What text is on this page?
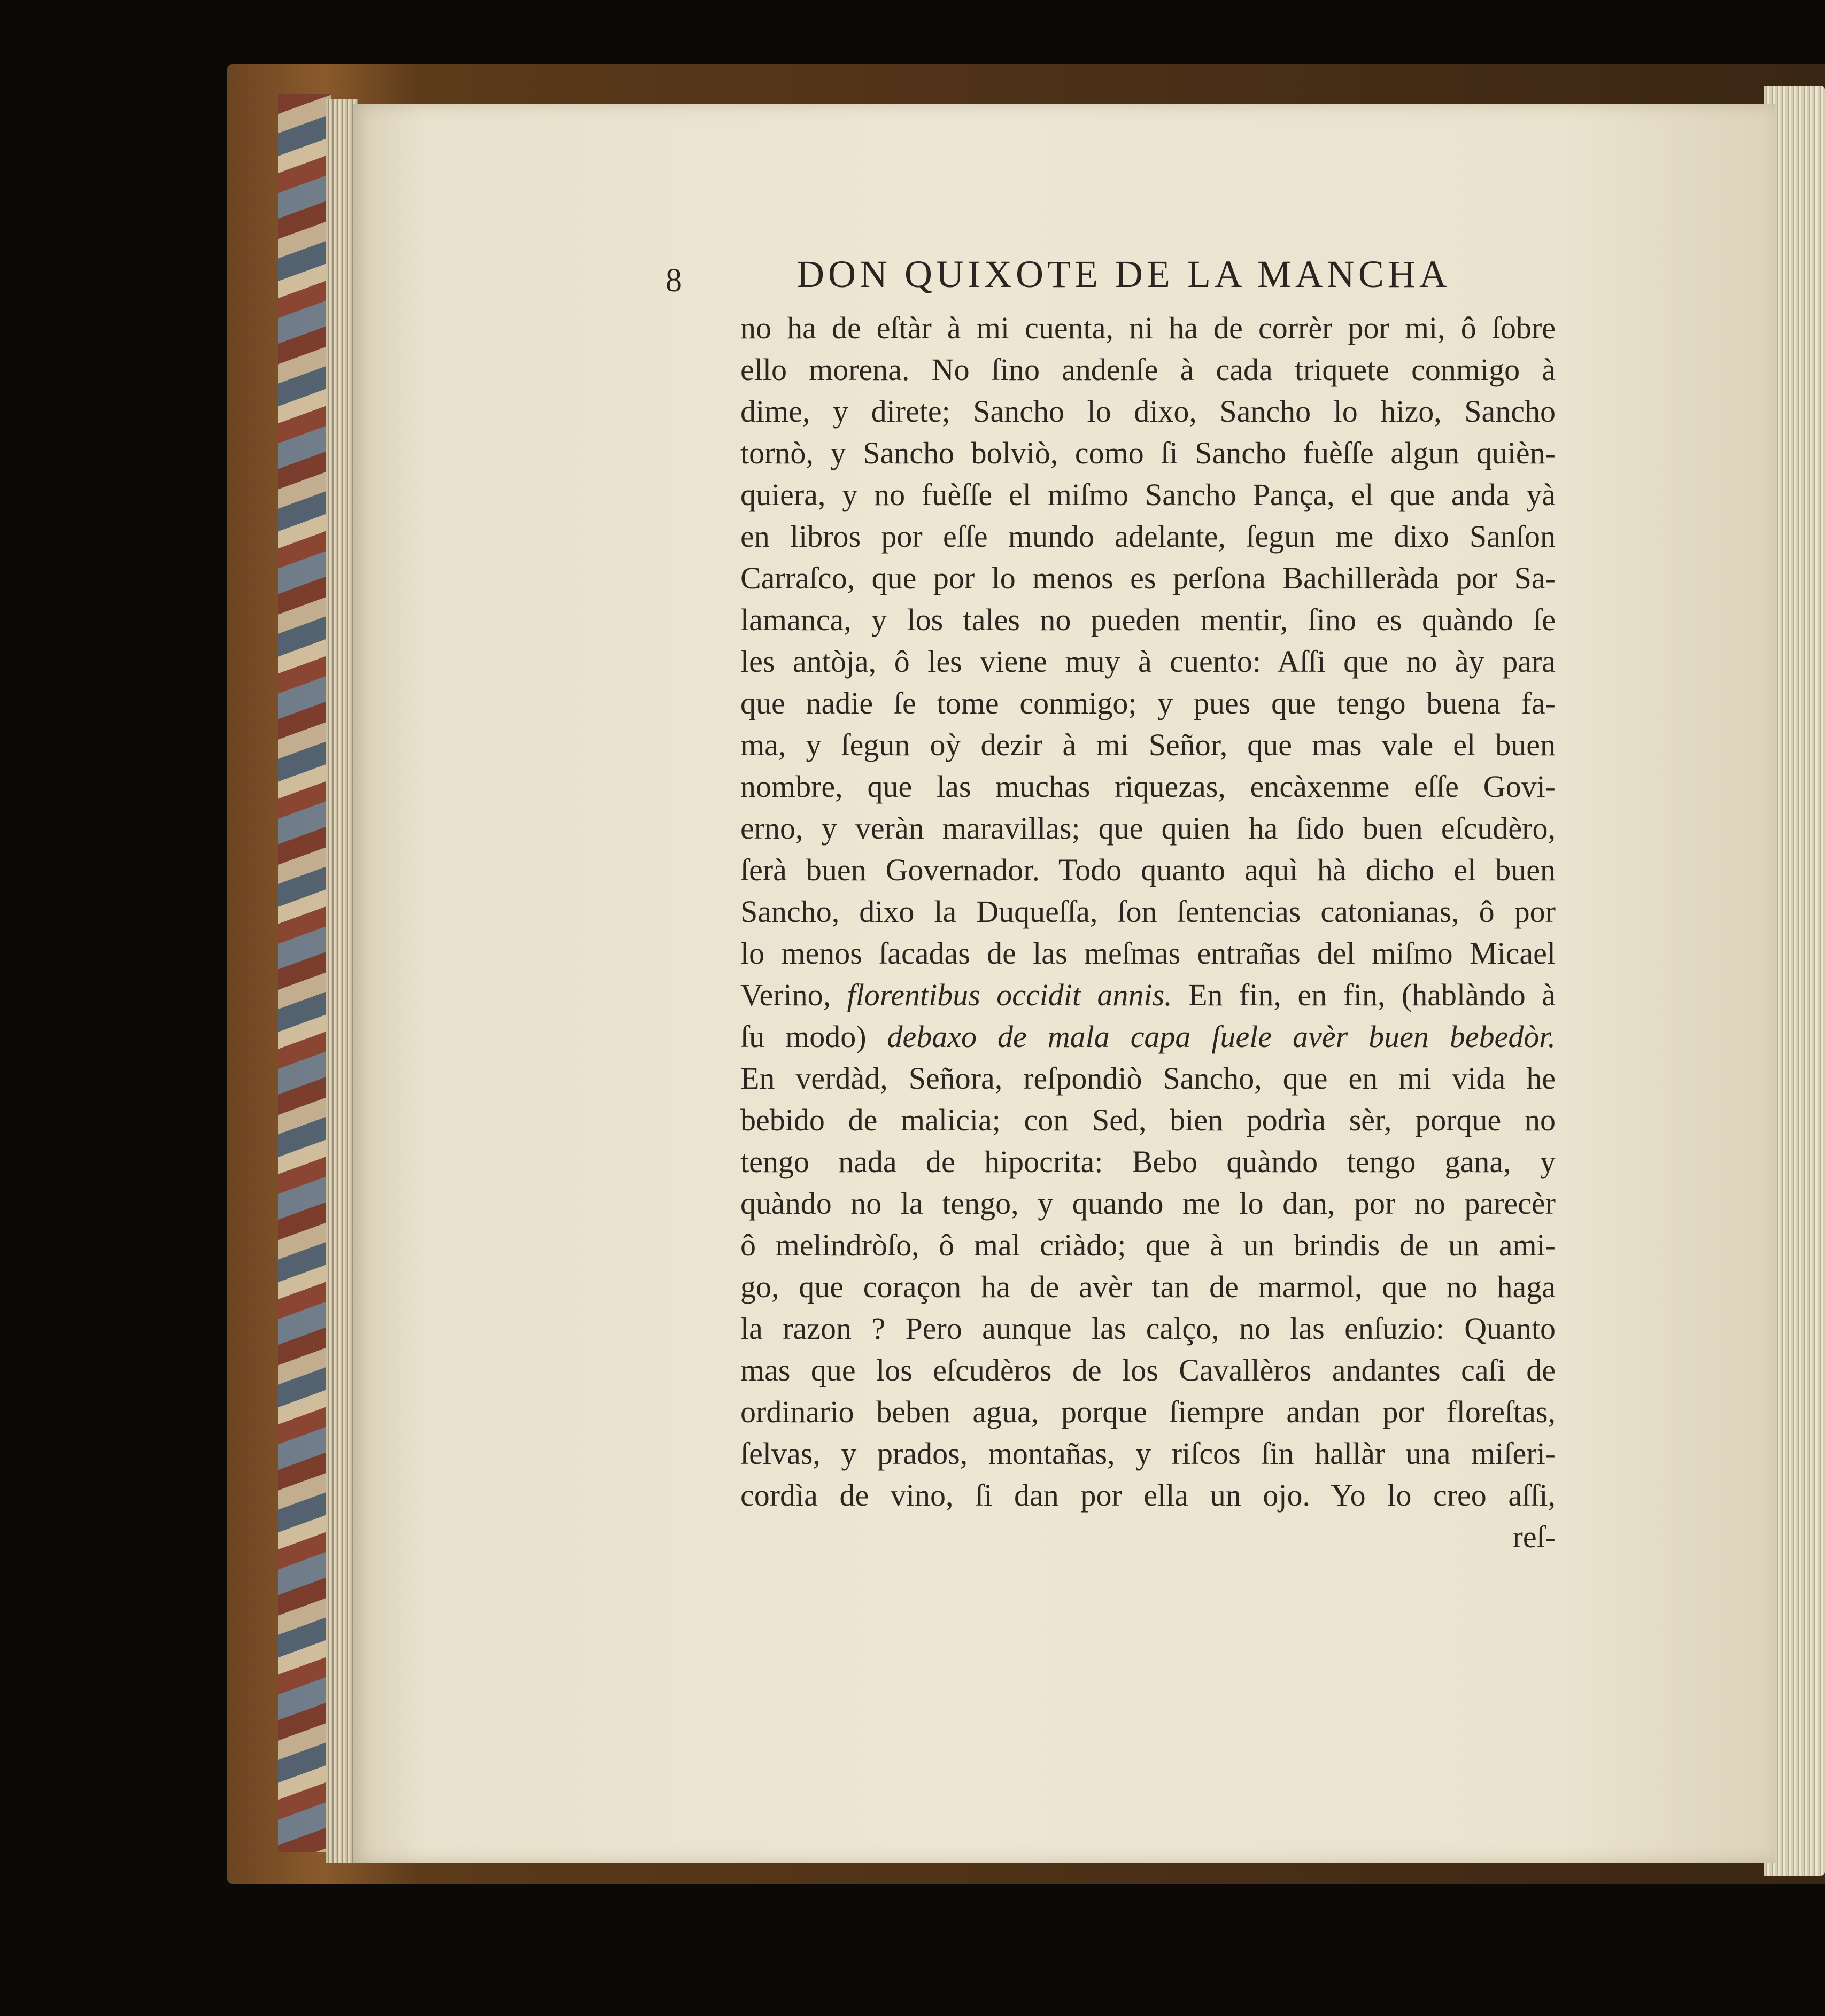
8	DON QUIXOTE DE LA MANCHA
no ha de eſtàr à mi cuenta, ni ha de corrèr por mi, ô ſobre
ello morena. No ſino andenſe à cada triquete conmigo à
dime, y direte; Sancho lo dixo, Sancho lo hizo, Sancho
tornò, y Sancho bolviò, como ſi Sancho fuèſſe algun quièn-
quiera, y no fuèſſe el miſmo Sancho Pança, el que anda yà
en libros por eſſe mundo adelante, ſegun me dixo Sanſon
Carraſco, que por lo menos es perſona Bachilleràda por Sa-
lamanca, y los tales no pueden mentir, ſino es quàndo ſe
les antòja, ô les viene muy à cuento: Aſſi que no ày para
que nadie ſe tome conmigo; y pues que tengo buena fa-
ma, y ſegun oỳ dezir à mi Señor, que mas vale el buen
nombre, que las muchas riquezas, encàxenme eſſe Govi-
erno, y veràn maravillas; que quien ha ſido buen eſcudèro,
ſerà buen Governador. Todo quanto aquì hà dicho el buen
Sancho, dixo la Duqueſſa, ſon ſentencias catonianas, ô por
lo menos ſacadas de las meſmas entrañas del miſmo Micael
Verino, florentibus occidit annis. En fin, en fin, (hablàndo à
ſu modo) debaxo de mala capa ſuele avèr buen bebedòr.
En verdàd, Señora, reſpondiò Sancho, que en mi vida he
bebido de malicia; con Sed, bien podrìa sèr, porque no
tengo nada de hipocrita: Bebo quàndo tengo gana, y
quàndo no la tengo, y quando me lo dan, por no parecèr
ô melindròſo, ô mal criàdo; que à un brindis de un ami-
go, que coraçon ha de avèr tan de marmol, que no haga
la razon ? Pero aunque las calço, no las enſuzio: Quanto
mas que los eſcudèros de los Cavallèros andantes caſi de
ordinario beben agua, porque ſiempre andan por floreſtas,
ſelvas, y prados, montañas, y riſcos ſin hallàr una miſeri-
cordìa de vino, ſi dan por ella un ojo. Yo lo creo aſſi,
reſ-
